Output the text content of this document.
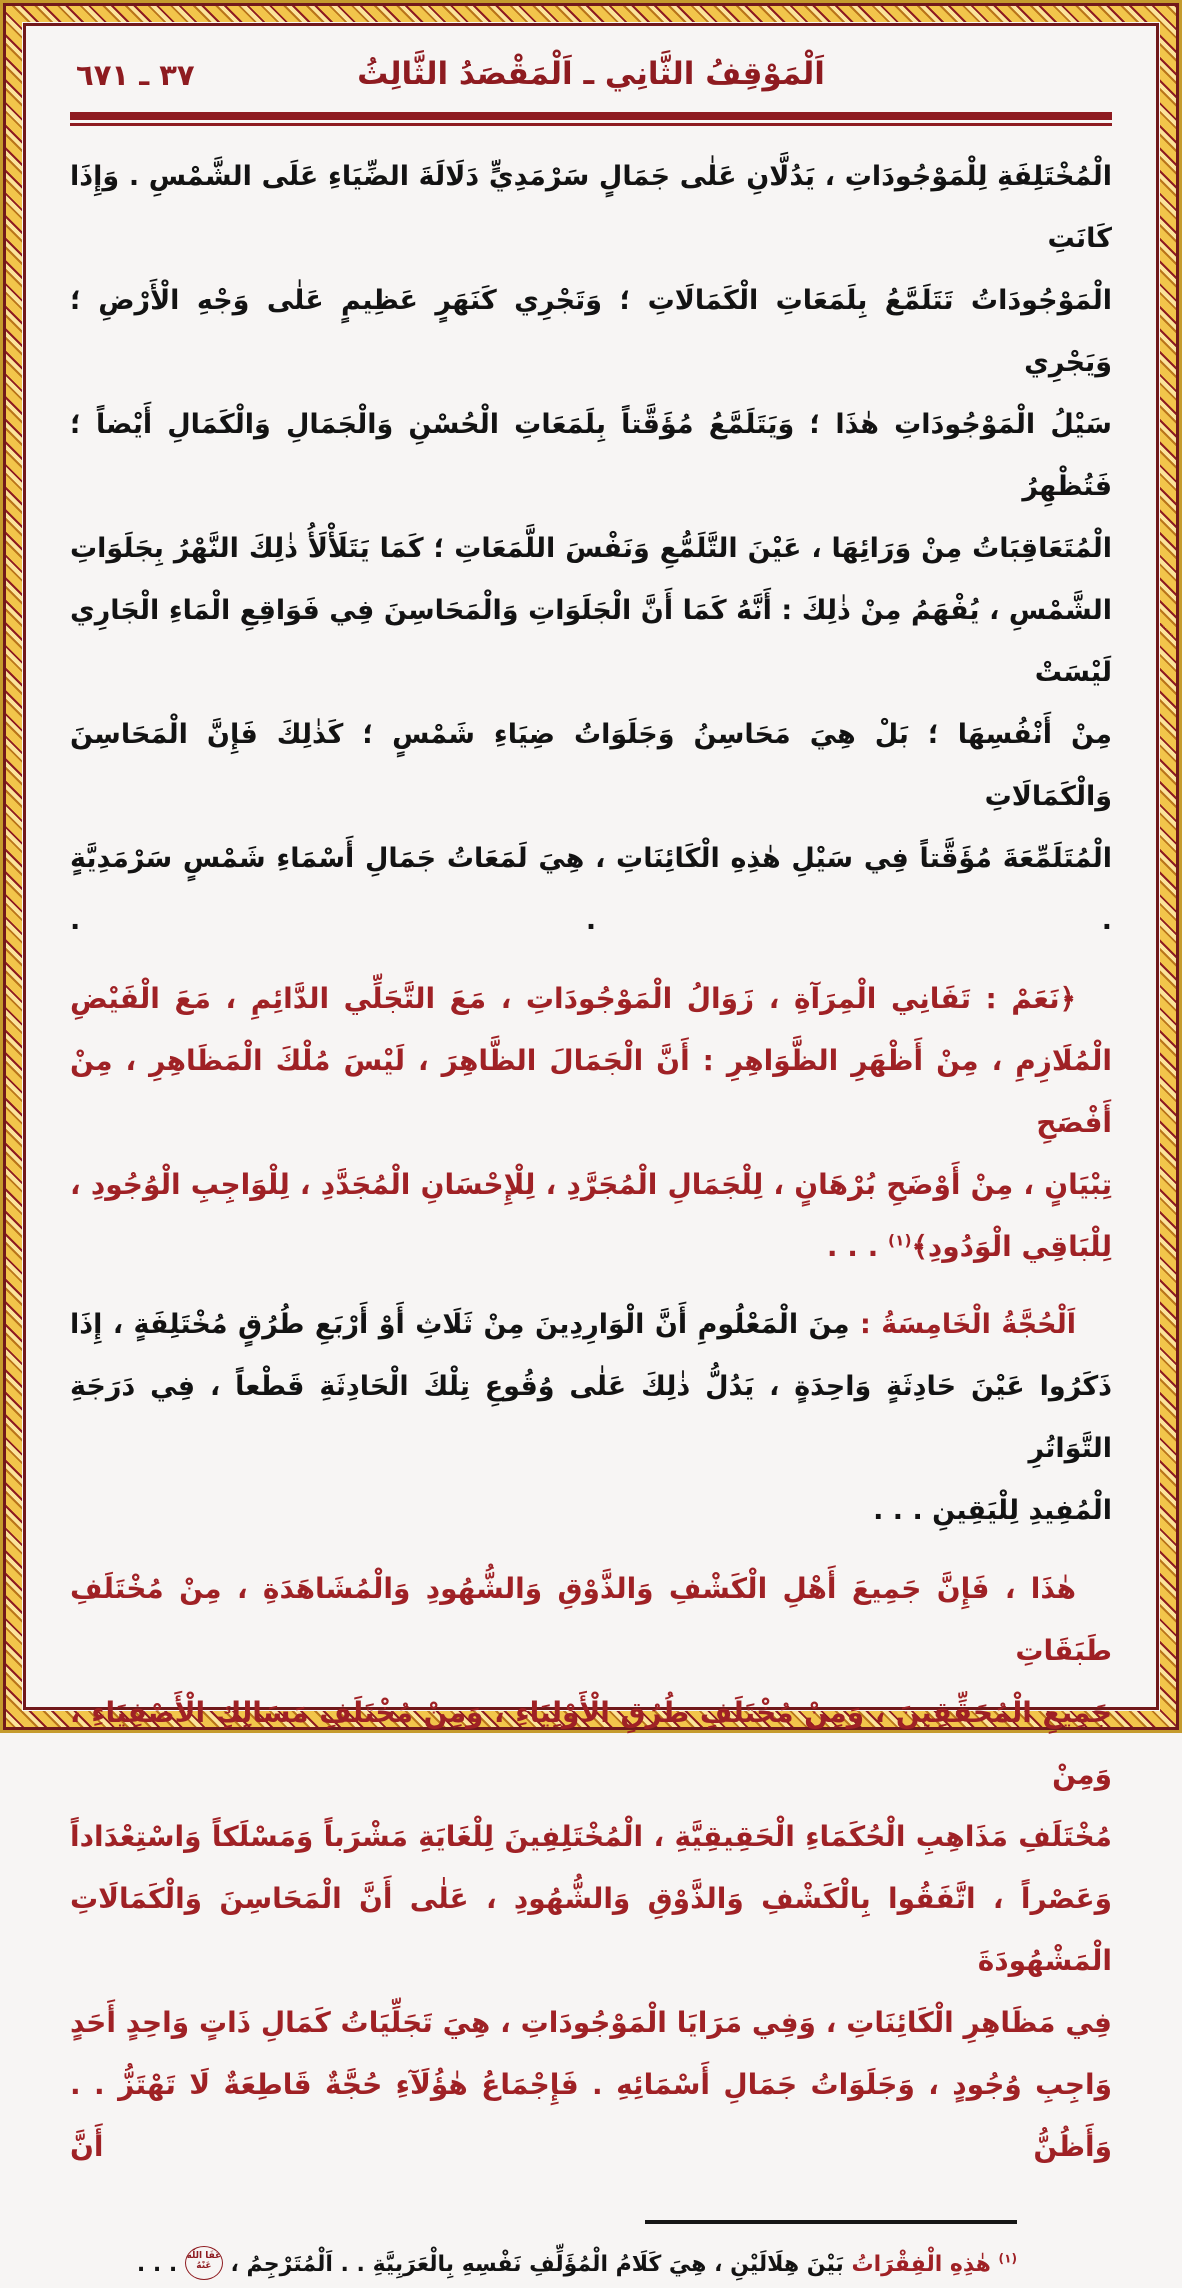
اَلْمَوْقِفُ الثَّانِي ـ اَلْمَقْصَدُ الثَّالِثُ
٣٧ ـ ٦٧١
الْمُخْتَلِفَةِ لِلْمَوْجُودَاتِ ، يَدُلَّانِ عَلٰى جَمَالٍ سَرْمَدِيٍّ دَلَالَةَ الضِّيَاءِ عَلَى الشَّمْسِ . وَإِذَا كَانَتِ
الْمَوْجُودَاتُ تَتَلَمَّعُ بِلَمَعَاتِ الْكَمَالَاتِ ؛ وَتَجْرِي كَنَهَرٍ عَظِيمٍ عَلٰى وَجْهِ الْأَرْضِ ؛ وَيَجْرِي
سَيْلُ الْمَوْجُودَاتِ هٰذَا ؛ وَيَتَلَمَّعُ مُؤَقَّتاً بِلَمَعَاتِ الْحُسْنِ وَالْجَمَالِ وَالْكَمَالِ أَيْضاً ؛ فَتُظْهِرُ
الْمُتَعَاقِبَاتُ مِنْ وَرَائِهَا ، عَيْنَ التَّلَمُّعِ وَنَفْسَ اللَّمَعَاتِ ؛ كَمَا يَتَلَأْلَأُ ذٰلِكَ النَّهْرُ بِجَلَوَاتِ
الشَّمْسِ ، يُفْهَمُ مِنْ ذٰلِكَ : أَنَّهُ كَمَا أَنَّ الْجَلَوَاتِ وَالْمَحَاسِنَ فِي فَوَاقِعِ الْمَاءِ الْجَارِي لَيْسَتْ
مِنْ أَنْفُسِهَا ؛ بَلْ هِيَ مَحَاسِنُ وَجَلَوَاتُ ضِيَاءِ شَمْسٍ ؛ كَذٰلِكَ فَإِنَّ الْمَحَاسِنَ وَالْكَمَالَاتِ
الْمُتَلَمِّعَةَ مُؤَقَّتاً فِي سَيْلِ هٰذِهِ الْكَائِنَاتِ ، هِيَ لَمَعَاتُ جَمَالِ أَسْمَاءِ شَمْسٍ سَرْمَدِيَّةٍ . . .
﴿نَعَمْ : تَفَانِي الْمِرَآةِ ، زَوَالُ الْمَوْجُودَاتِ ، مَعَ التَّجَلِّي الدَّائِمِ ، مَعَ الْفَيْضِ
الْمُلَازِمِ ، مِنْ أَظْهَرِ الظَّوَاهِرِ : أَنَّ الْجَمَالَ الظَّاهِرَ ، لَيْسَ مُلْكَ الْمَظَاهِرِ ، مِنْ أَفْصَحِ
تِبْيَانٍ ، مِنْ أَوْضَحِ بُرْهَانٍ ، لِلْجَمَالِ الْمُجَرَّدِ ، لِلْإِحْسَانِ الْمُجَدَّدِ ، لِلْوَاجِبِ الْوُجُودِ ،
لِلْبَاقِي الْوَدُودِ﴾$^{(١)}$ . . .
اَلْحُجَّةُ الْخَامِسَةُ : مِنَ الْمَعْلُومِ أَنَّ الْوَارِدِينَ مِنْ ثَلَاثِ أَوْ أَرْبَعِ طُرُقٍ مُخْتَلِفَةٍ ، إِذَا
ذَكَرُوا عَيْنَ حَادِثَةٍ وَاحِدَةٍ ، يَدُلُّ ذٰلِكَ عَلٰى وُقُوعِ تِلْكَ الْحَادِثَةِ قَطْعاً ، فِي دَرَجَةِ التَّوَاتُرِ
الْمُفِيدِ لِلْيَقِينِ . . .
هٰذَا ، فَإِنَّ جَمِيعَ أَهْلِ الْكَشْفِ وَالذَّوْقِ وَالشُّهُودِ وَالْمُشَاهَدَةِ ، مِنْ مُخْتَلَفِ طَبَقَاتِ
جَمِيعِ الْمُحَقِّقِينَ ، وَمِنْ مُخْتَلَفِ طُرُقِ الْأَوْلِيَاءِ ، وَمِنْ مُخْتَلَفِ مَسَالِكِ الْأَصْفِيَاءِ ، وَمِنْ
مُخْتَلَفِ مَذَاهِبِ الْحُكَمَاءِ الْحَقِيقِيَّةِ ، الْمُخْتَلِفِينَ لِلْغَايَةِ مَشْرَباً وَمَسْلَكاً وَاسْتِعْدَاداً
وَعَصْراً ، اتَّفَقُوا بِالْكَشْفِ وَالذَّوْقِ وَالشُّهُودِ ، عَلٰى أَنَّ الْمَحَاسِنَ وَالْكَمَالَاتِ الْمَشْهُودَةَ
فِي مَظَاهِرِ الْكَائِنَاتِ ، وَفِي مَرَايَا الْمَوْجُودَاتِ ، هِيَ تَجَلِّيَاتُ كَمَالِ ذَاتٍ وَاحِدٍ أَحَدٍ
وَاجِبِ وُجُودٍ ، وَجَلَوَاتُ جَمَالِ أَسْمَائِهِ . فَإِجْمَاعُ هٰؤُلَآءِ حُجَّةٌ قَاطِعَةٌ لَا تَهْتَزُّ . . وَأَظُنُّ أَنَّ
$^{(١)}$ هٰذِهِ الْفِقْرَاتُ بَيْنَ هِلَالَيْنِ ، هِيَ كَلَامُ الْمُؤَلِّفِ نَفْسِهِ بِالْعَرَبِيَّةِ . . اَلْمُتَرْجِمُ ، عَفَا اللّٰهُ عَنْهُ . . .
